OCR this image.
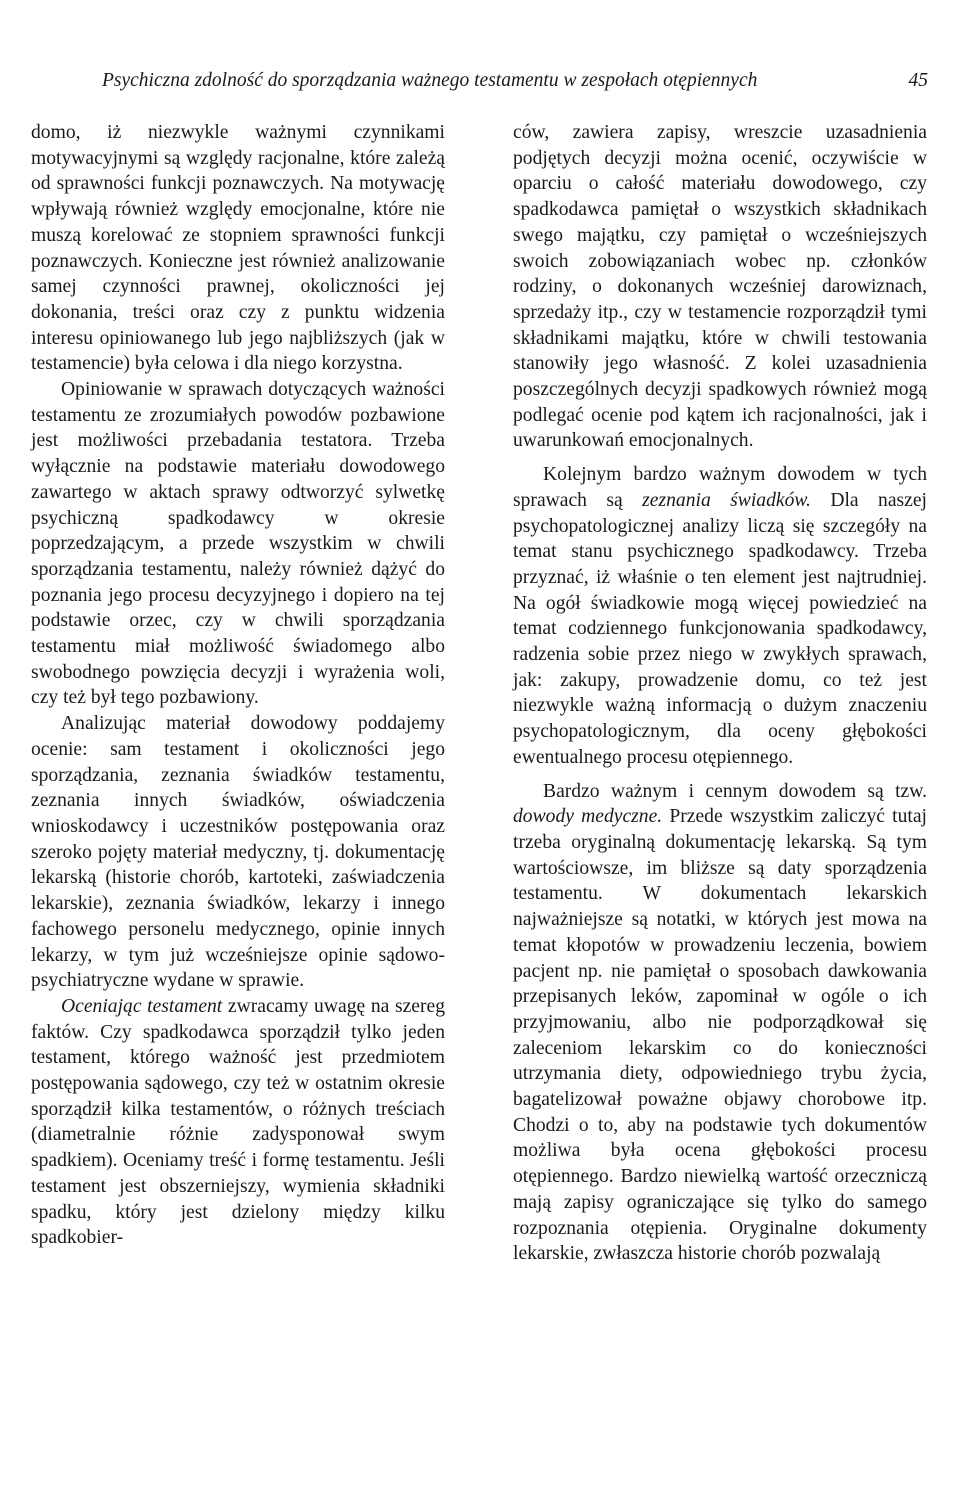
Psychiczna zdolność do sporządzania ważnego testamentu w zespołach otępiennych	45

domo, iż niezwykle ważnymi czynnikami motywacyjnymi są względy racjonalne, które zależą od sprawności funkcji poznawczych. Na motywację wpływają również względy emocjonalne, które nie muszą korelować ze stopniem sprawności funkcji poznawczych. Konieczne jest również analizowanie samej czynności prawnej, okoliczności jej dokonania, treści oraz czy z punktu widzenia interesu opiniowanego lub jego najbliższych (jak w testamencie) była celowa i dla niego korzystna.

Opiniowanie w sprawach dotyczących ważności testamentu ze zrozumiałych powodów pozbawione jest możliwości przebadania testatora. Trzeba wyłącznie na podstawie materiału dowodowego zawartego w aktach sprawy odtworzyć sylwetkę psychiczną spadkodawcy w okresie poprzedzającym, a przede wszystkim w chwili sporządzania testamentu, należy również dążyć do poznania jego procesu decyzyjnego i dopiero na tej podstawie orzec, czy w chwili sporządzania testamentu miał możliwość świadomego albo swobodnego powzięcia decyzji i wyrażenia woli, czy też był tego pozbawiony.

Analizując materiał dowodowy poddajemy ocenie: sam testament i okoliczności jego sporządzania, zeznania świadków testamentu, zeznania innych świadków, oświadczenia wnioskodawcy i uczestników postępowania oraz szeroko pojęty materiał medyczny, tj. dokumentację lekarską (historie chorób, kartoteki, zaświadczenia lekarskie), zeznania świadków, lekarzy i innego fachowego personelu medycznego, opinie innych lekarzy, w tym już wcześniejsze opinie sądowo-psychiatryczne wydane w sprawie.

Oceniając testament zwracamy uwagę na szereg faktów. Czy spadkodawca sporządził tylko jeden testament, którego ważność jest przedmiotem postępowania sądowego, czy też w ostatnim okresie sporządził kilka testamentów, o różnych treściach (diametralnie różnie zadysponował swym spadkiem). Oceniamy treść i formę testamentu. Jeśli testament jest obszerniejszy, wymienia składniki spadku, który jest dzielony między kilku spadkobier-

ców, zawiera zapisy, wreszcie uzasadnienia podjętych decyzji można ocenić, oczywiście w oparciu o całość materiału dowodowego, czy spadkodawca pamiętał o wszystkich składnikach swego majątku, czy pamiętał o wcześniejszych swoich zobowiązaniach wobec np. członków rodziny, o dokonanych wcześniej darowiznach, sprzedaży itp., czy w testamencie rozporządził tymi składnikami majątku, które w chwili testowania stanowiły jego własność. Z kolei uzasadnienia poszczególnych decyzji spadkowych również mogą podlegać ocenie pod kątem ich racjonalności, jak i uwarunkowań emocjonalnych.

Kolejnym bardzo ważnym dowodem w tych sprawach są zeznania świadków. Dla naszej psychopatologicznej analizy liczą się szczegóły na temat stanu psychicznego spadkodawcy. Trzeba przyznać, iż właśnie o ten element jest najtrudniej. Na ogół świadkowie mogą więcej powiedzieć na temat codziennego funkcjonowania spadkodawcy, radzenia sobie przez niego w zwykłych sprawach, jak: zakupy, prowadzenie domu, co też jest niezwykle ważną informacją o dużym znaczeniu psychopatologicznym, dla oceny głębokości ewentualnego procesu otępiennego.

Bardzo ważnym i cennym dowodem są tzw. dowody medyczne. Przede wszystkim zaliczyć tutaj trzeba oryginalną dokumentację lekarską. Są tym wartościowsze, im bliższe są daty sporządzenia testamentu. W dokumentach lekarskich najważniejsze są notatki, w których jest mowa na temat kłopotów w prowadzeniu leczenia, bowiem pacjent np. nie pamiętał o sposobach dawkowania przepisanych leków, zapominał w ogóle o ich przyjmowaniu, albo nie podporządkował się zaleceniom lekarskim co do konieczności utrzymania diety, odpowiedniego trybu życia, bagatelizował poważne objawy chorobowe itp. Chodzi o to, aby na podstawie tych dokumentów możliwa była ocena głębokości procesu otępiennego. Bardzo niewielką wartość orzeczniczą mają zapisy ograniczające się tylko do samego rozpoznania otępienia. Oryginalne dokumenty lekarskie, zwłaszcza historie chorób pozwalają
